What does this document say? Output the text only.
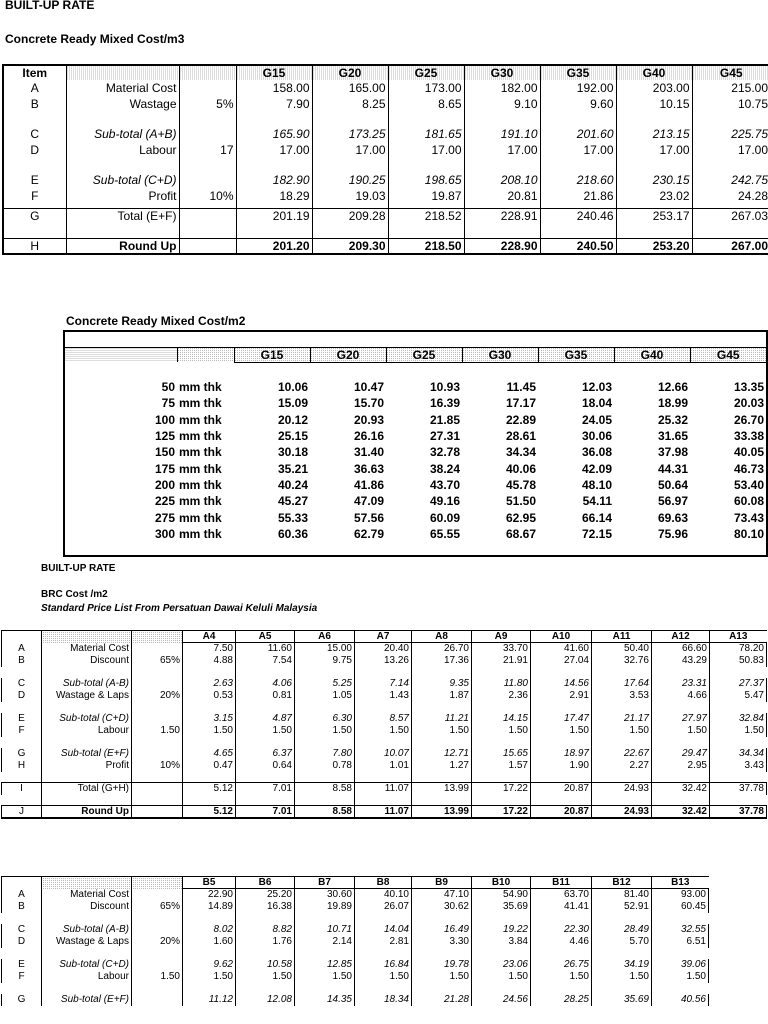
BUILT-UP RATE
Concrete Ready Mixed Cost/m3
Item			G15	G20	G25	G30	G35	G40	G45
A	Material Cost		158.00	165.00	173.00	182.00	192.00	203.00	215.00
B	Wastage	5%	7.90	8.25	8.65	9.10	9.60	10.15	10.75

C	Sub-total (A+B)		165.90	173.25	181.65	191.10	201.60	213.15	225.75
D	Labour	17	17.00	17.00	17.00	17.00	17.00	17.00	17.00

E	Sub-total (C+D)		182.90	190.25	198.65	208.10	218.60	230.15	242.75
F	Profit	10%	18.29	19.03	19.87	20.81	21.86	23.02	24.28

G	Total (E+F)		201.19	209.28	218.52	228.91	240.46	253.17	267.03

H	Round Up		201.20	209.30	218.50	228.90	240.50	253.20	267.00
Concrete Ready Mixed Cost/m2

		G15	G20	G25	G30	G35	G40	G45

50	mm thk	10.06	10.47	10.93	11.45	12.03	12.66	13.35
75	mm thk	15.09	15.70	16.39	17.17	18.04	18.99	20.03
100	mm thk	20.12	20.93	21.85	22.89	24.05	25.32	26.70
125	mm thk	25.15	26.16	27.31	28.61	30.06	31.65	33.38
150	mm thk	30.18	31.40	32.78	34.34	36.08	37.98	40.05
175	mm thk	35.21	36.63	38.24	40.06	42.09	44.31	46.73
200	mm thk	40.24	41.86	43.70	45.78	48.10	50.64	53.40
225	mm thk	45.27	47.09	49.16	51.50	54.11	56.97	60.08
275	mm thk	55.33	57.56	60.09	62.95	66.14	69.63	73.43
300	mm thk	60.36	62.79	65.55	68.67	72.15	75.96	80.10

BUILT-UP RATE
BRC Cost /m2
Standard Price List From Persatuan Dawai Keluli Malaysia
			A4	A5	A6	A7	A8	A9	A10	A11	A12	A13
A	Material Cost		7.50	11.60	15.00	20.40	26.70	33.70	41.60	50.40	66.60	78.20
B	Discount	65%	4.88	7.54	9.75	13.26	17.36	21.91	27.04	32.76	43.29	50.83

C	Sub-total (A-B)		2.63	4.06	5.25	7.14	9.35	11.80	14.56	17.64	23.31	27.37
D	Wastage & Laps	20%	0.53	0.81	1.05	1.43	1.87	2.36	2.91	3.53	4.66	5.47

E	Sub-total (C+D)		3.15	4.87	6.30	8.57	11.21	14.15	17.47	21.17	27.97	32.84
F	Labour	1.50	1.50	1.50	1.50	1.50	1.50	1.50	1.50	1.50	1.50	1.50

G	Sub-total (E+F)		4.65	6.37	7.80	10.07	12.71	15.65	18.97	22.67	29.47	34.34
H	Profit	10%	0.47	0.64	0.78	1.01	1.27	1.57	1.90	2.27	2.95	3.43

I	Total (G+H)		5.12	7.01	8.58	11.07	13.99	17.22	20.87	24.93	32.42	37.78

J	Round Up		5.12	7.01	8.58	11.07	13.99	17.22	20.87	24.93	32.42	37.78
			B5	B6	B7	B8	B9	B10	B11	B12	B13
A	Material Cost		22.90	25.20	30.60	40.10	47.10	54.90	63.70	81.40	93.00
B	Discount	65%	14.89	16.38	19.89	26.07	30.62	35.69	41.41	52.91	60.45

C	Sub-total (A-B)		8.02	8.82	10.71	14.04	16.49	19.22	22.30	28.49	32.55
D	Wastage & Laps	20%	1.60	1.76	2.14	2.81	3.30	3.84	4.46	5.70	6.51

E	Sub-total (C+D)		9.62	10.58	12.85	16.84	19.78	23.06	26.75	34.19	39.06
F	Labour	1.50	1.50	1.50	1.50	1.50	1.50	1.50	1.50	1.50	1.50

G	Sub-total (E+F)		11.12	12.08	14.35	18.34	21.28	24.56	28.25	35.69	40.56
